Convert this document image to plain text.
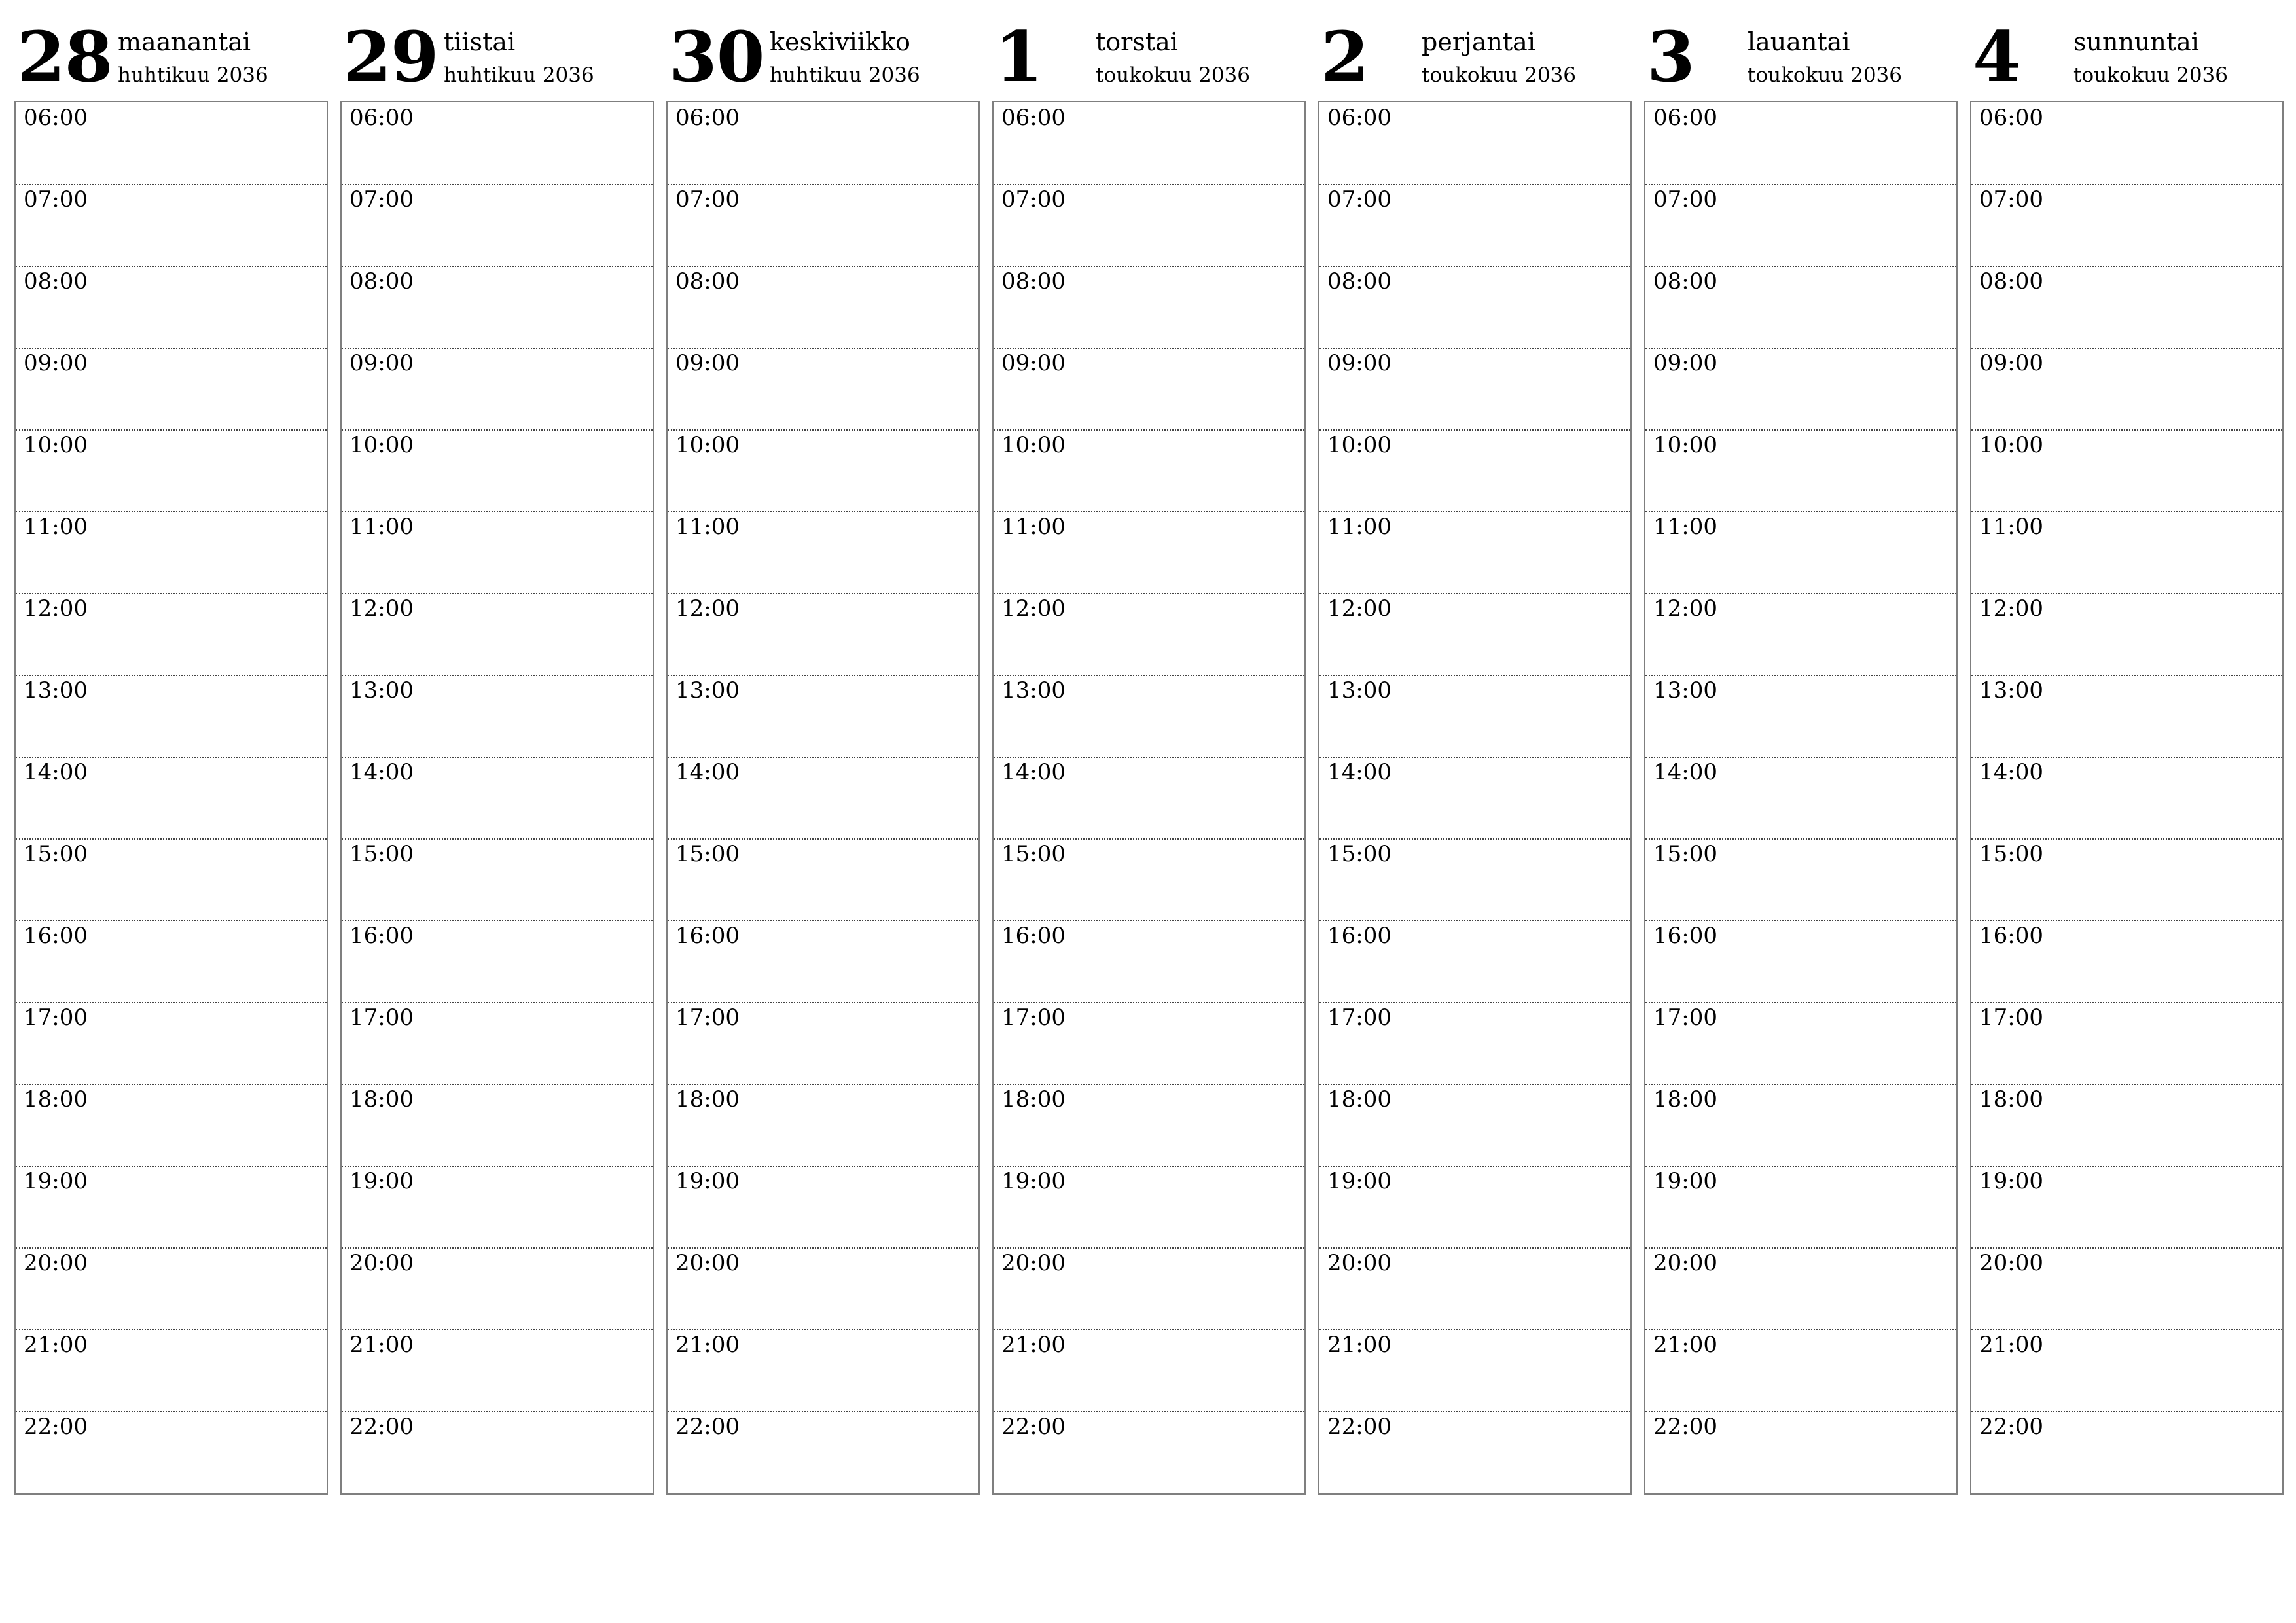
28 maanantai
huhtikuu 2036
06:00
07:00
08:00
09:00
10:00
11:00
12:00
13:00
14:00
15:00
16:00
17:00
18:00
19:00
20:00
21:00
22:00
29 tiistai
huhtikuu 2036
06:00
07:00
08:00
09:00
10:00
11:00
12:00
13:00
14:00
15:00
16:00
17:00
18:00
19:00
20:00
21:00
22:00
30 keskiviikko
huhtikuu 2036
06:00
07:00
08:00
09:00
10:00
11:00
12:00
13:00
14:00
15:00
16:00
17:00
18:00
19:00
20:00
21:00
22:00
1 torstai
toukokuu 2036
06:00
07:00
08:00
09:00
10:00
11:00
12:00
13:00
14:00
15:00
16:00
17:00
18:00
19:00
20:00
21:00
22:00
2 perjantai
toukokuu 2036
06:00
07:00
08:00
09:00
10:00
11:00
12:00
13:00
14:00
15:00
16:00
17:00
18:00
19:00
20:00
21:00
22:00
3 lauantai
toukokuu 2036
06:00
07:00
08:00
09:00
10:00
11:00
12:00
13:00
14:00
15:00
16:00
17:00
18:00
19:00
20:00
21:00
22:00
4 sunnuntai
toukokuu 2036
06:00
07:00
08:00
09:00
10:00
11:00
12:00
13:00
14:00
15:00
16:00
17:00
18:00
19:00
20:00
21:00
22:00
